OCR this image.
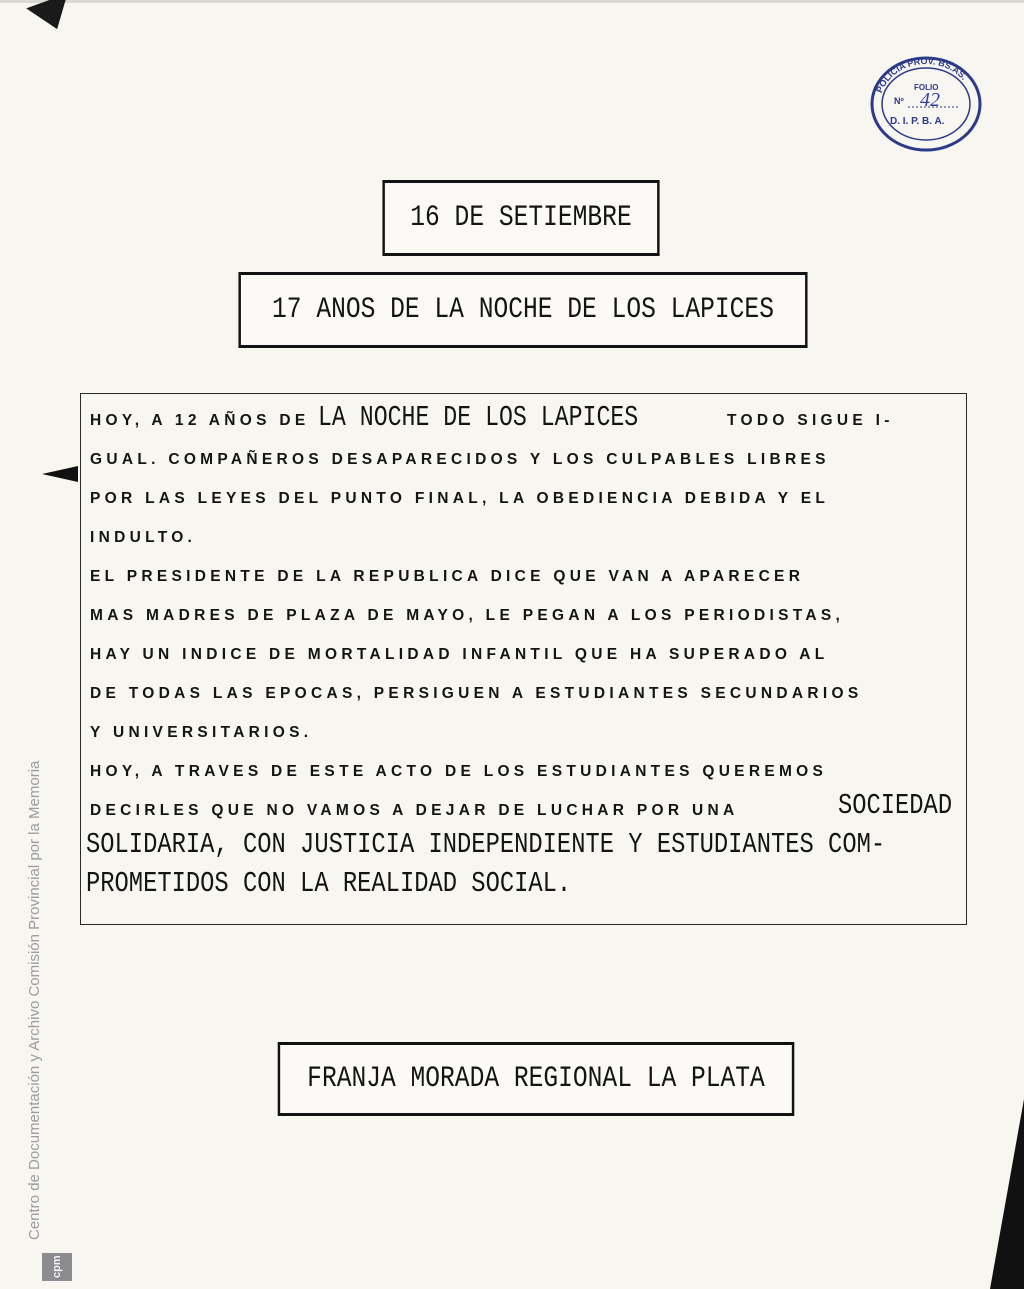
POLICIA PROV. BS.AS.
FOLIO
Nº 42
D. I. P. B. A.
16 DE SETIEMBRE
17 ANOS DE LA NOCHE DE LOS LAPICES
HOY, A 12 AÑOS DE LA NOCHE DE LOS LAPICES	TODO SIGUE I-
GUAL. COMPAÑEROS DESAPARECIDOS Y LOS CULPABLES LIBRES
POR LAS LEYES DEL PUNTO FINAL, LA OBEDIENCIA DEBIDA Y EL
INDULTO.
EL PRESIDENTE DE LA REPUBLICA DICE QUE VAN A APARECER
MAS MADRES DE PLAZA DE MAYO, LE PEGAN A LOS PERIODISTAS,
HAY UN INDICE DE MORTALIDAD INFANTIL QUE HA SUPERADO AL
DE TODAS LAS EPOCAS, PERSIGUEN A ESTUDIANTES SECUNDARIOS
Y UNIVERSITARIOS.
HOY, A TRAVES DE ESTE ACTO DE LOS ESTUDIANTES QUEREMOS
DECIRLES QUE NO VAMOS A DEJAR DE LUCHAR POR UNA	SOCIEDAD
SOLIDARIA, CON JUSTICIA INDEPENDIENTE Y ESTUDIANTES COM-
PROMETIDOS CON LA REALIDAD SOCIAL.
FRANJA MORADA REGIONAL LA PLATA
Centro de Documentación y Archivo Comisión Provincial por la Memoria
cpm
